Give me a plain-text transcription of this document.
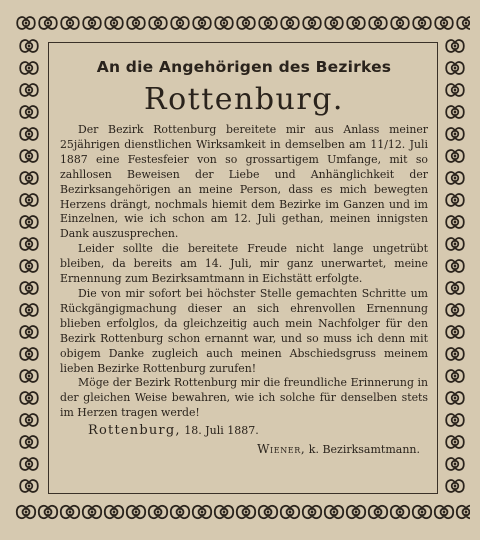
An die Angehörigen des Bezirkes
Rottenburg.

Der Bezirk Rottenburg bereitete mir aus Anlass meiner 25jährigen dienstlichen Wirksamkeit in demselben am 11/12. Juli 1887 eine Festesfeier von so grossartigem Umfange, mit so zahllosen Beweisen der Liebe und Anhänglichkeit der Bezirksangehörigen an meine Person, dass es mich bewegten Herzens drängt, nochmals hiemit dem Bezirke im Ganzen und im Einzelnen, wie ich schon am 12. Juli gethan, meinen innigsten Dank auszusprechen.

Leider sollte die bereitete Freude nicht lange ungetrübt bleiben, da bereits am 14. Juli, mir ganz unerwartet, meine Ernennung zum Bezirksamtmann in Eichstätt erfolgte.

Die von mir sofort bei höchster Stelle gemachten Schritte um Rückgängigmachung dieser an sich ehrenvollen Ernennung blieben erfolglos, da gleichzeitig auch mein Nachfolger für den Bezirk Rottenburg schon ernannt war, und so muss ich denn mit obigem Danke zugleich auch meinen Abschiedsgruss meinem lieben Bezirke Rottenburg zurufen!

Möge der Bezirk Rottenburg mir die freundliche Erinnerung in der gleichen Weise bewahren, wie ich solche für denselben stets im Herzen tragen werde!

Rottenburg, 18. Juli 1887.
Wiener, k. Bezirksamtmann.
